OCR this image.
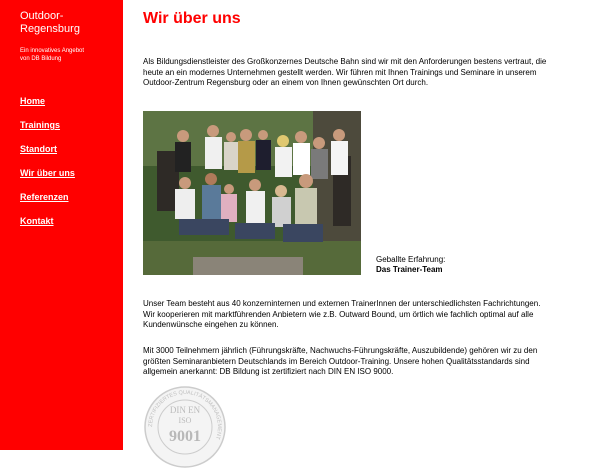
Outdoor-
Regensburg
Ein innovatives Angebot
von DB Bildung
Home
Trainings
Standort
Wir über uns
Referenzen
Kontakt
Wir über uns

Als Bildungsdienstleister des Großkonzernes Deutsche Bahn sind wir mit den Anforderungen bestens vertraut, die heute an ein modernes Unternehmen gestellt werden. Wir führen mit Ihnen Trainings und Seminare in unserem Outdoor-Zentrum Regensburg oder an einem von Ihnen gewünschten Ort durch.

Geballte Erfahrung:
Das Trainer-Team

Unser Team besteht aus 40 konzerninternen und externen TrainerInnen der unterschiedlichsten Fachrichtungen. Wir kooperieren mit marktführenden Anbietern wie z.B. Outward Bound, um örtlich wie fachlich optimal auf alle Kundenwünsche eingehen zu können.

Mit 3000 Teilnehmern jährlich (Führungskräfte, Nachwuchs-Führungskräfte, Auszubildende) gehören wir zu den größten Seminaranbietern Deutschlands im Bereich Outdoor-Training. Unsere hohen Qualitätsstandards sind allgemein anerkannt: DB Bildung ist zertifiziert nach DIN EN ISO 9000.

ZERTIFIZIERTES QUALITÄTSMANAGEMENT
DIN EN
ISO
9001
